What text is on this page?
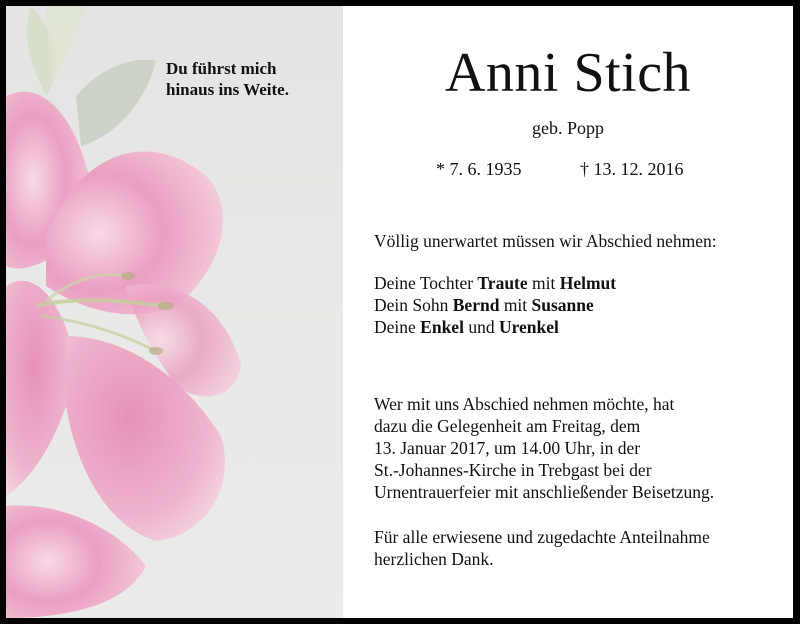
Du führst mich
hinaus ins Weite.	Anni Stich

geb. Popp

* 7. 6. 1935	† 13. 12. 2016

Völlig unerwartet müssen wir Abschied nehmen:

Deine Tochter Traute mit Helmut
Dein Sohn Bernd mit Susanne
Deine Enkel und Urenkel

Wer mit uns Abschied nehmen möchte, hat
dazu die Gelegenheit am Freitag, dem
13. Januar 2017, um 14.00 Uhr, in der
St.-Johannes-Kirche in Trebgast bei der
Urnentrauerfeier mit anschließender Beisetzung.

Für alle erwiesene und zugedachte Anteilnahme
herzlichen Dank.
